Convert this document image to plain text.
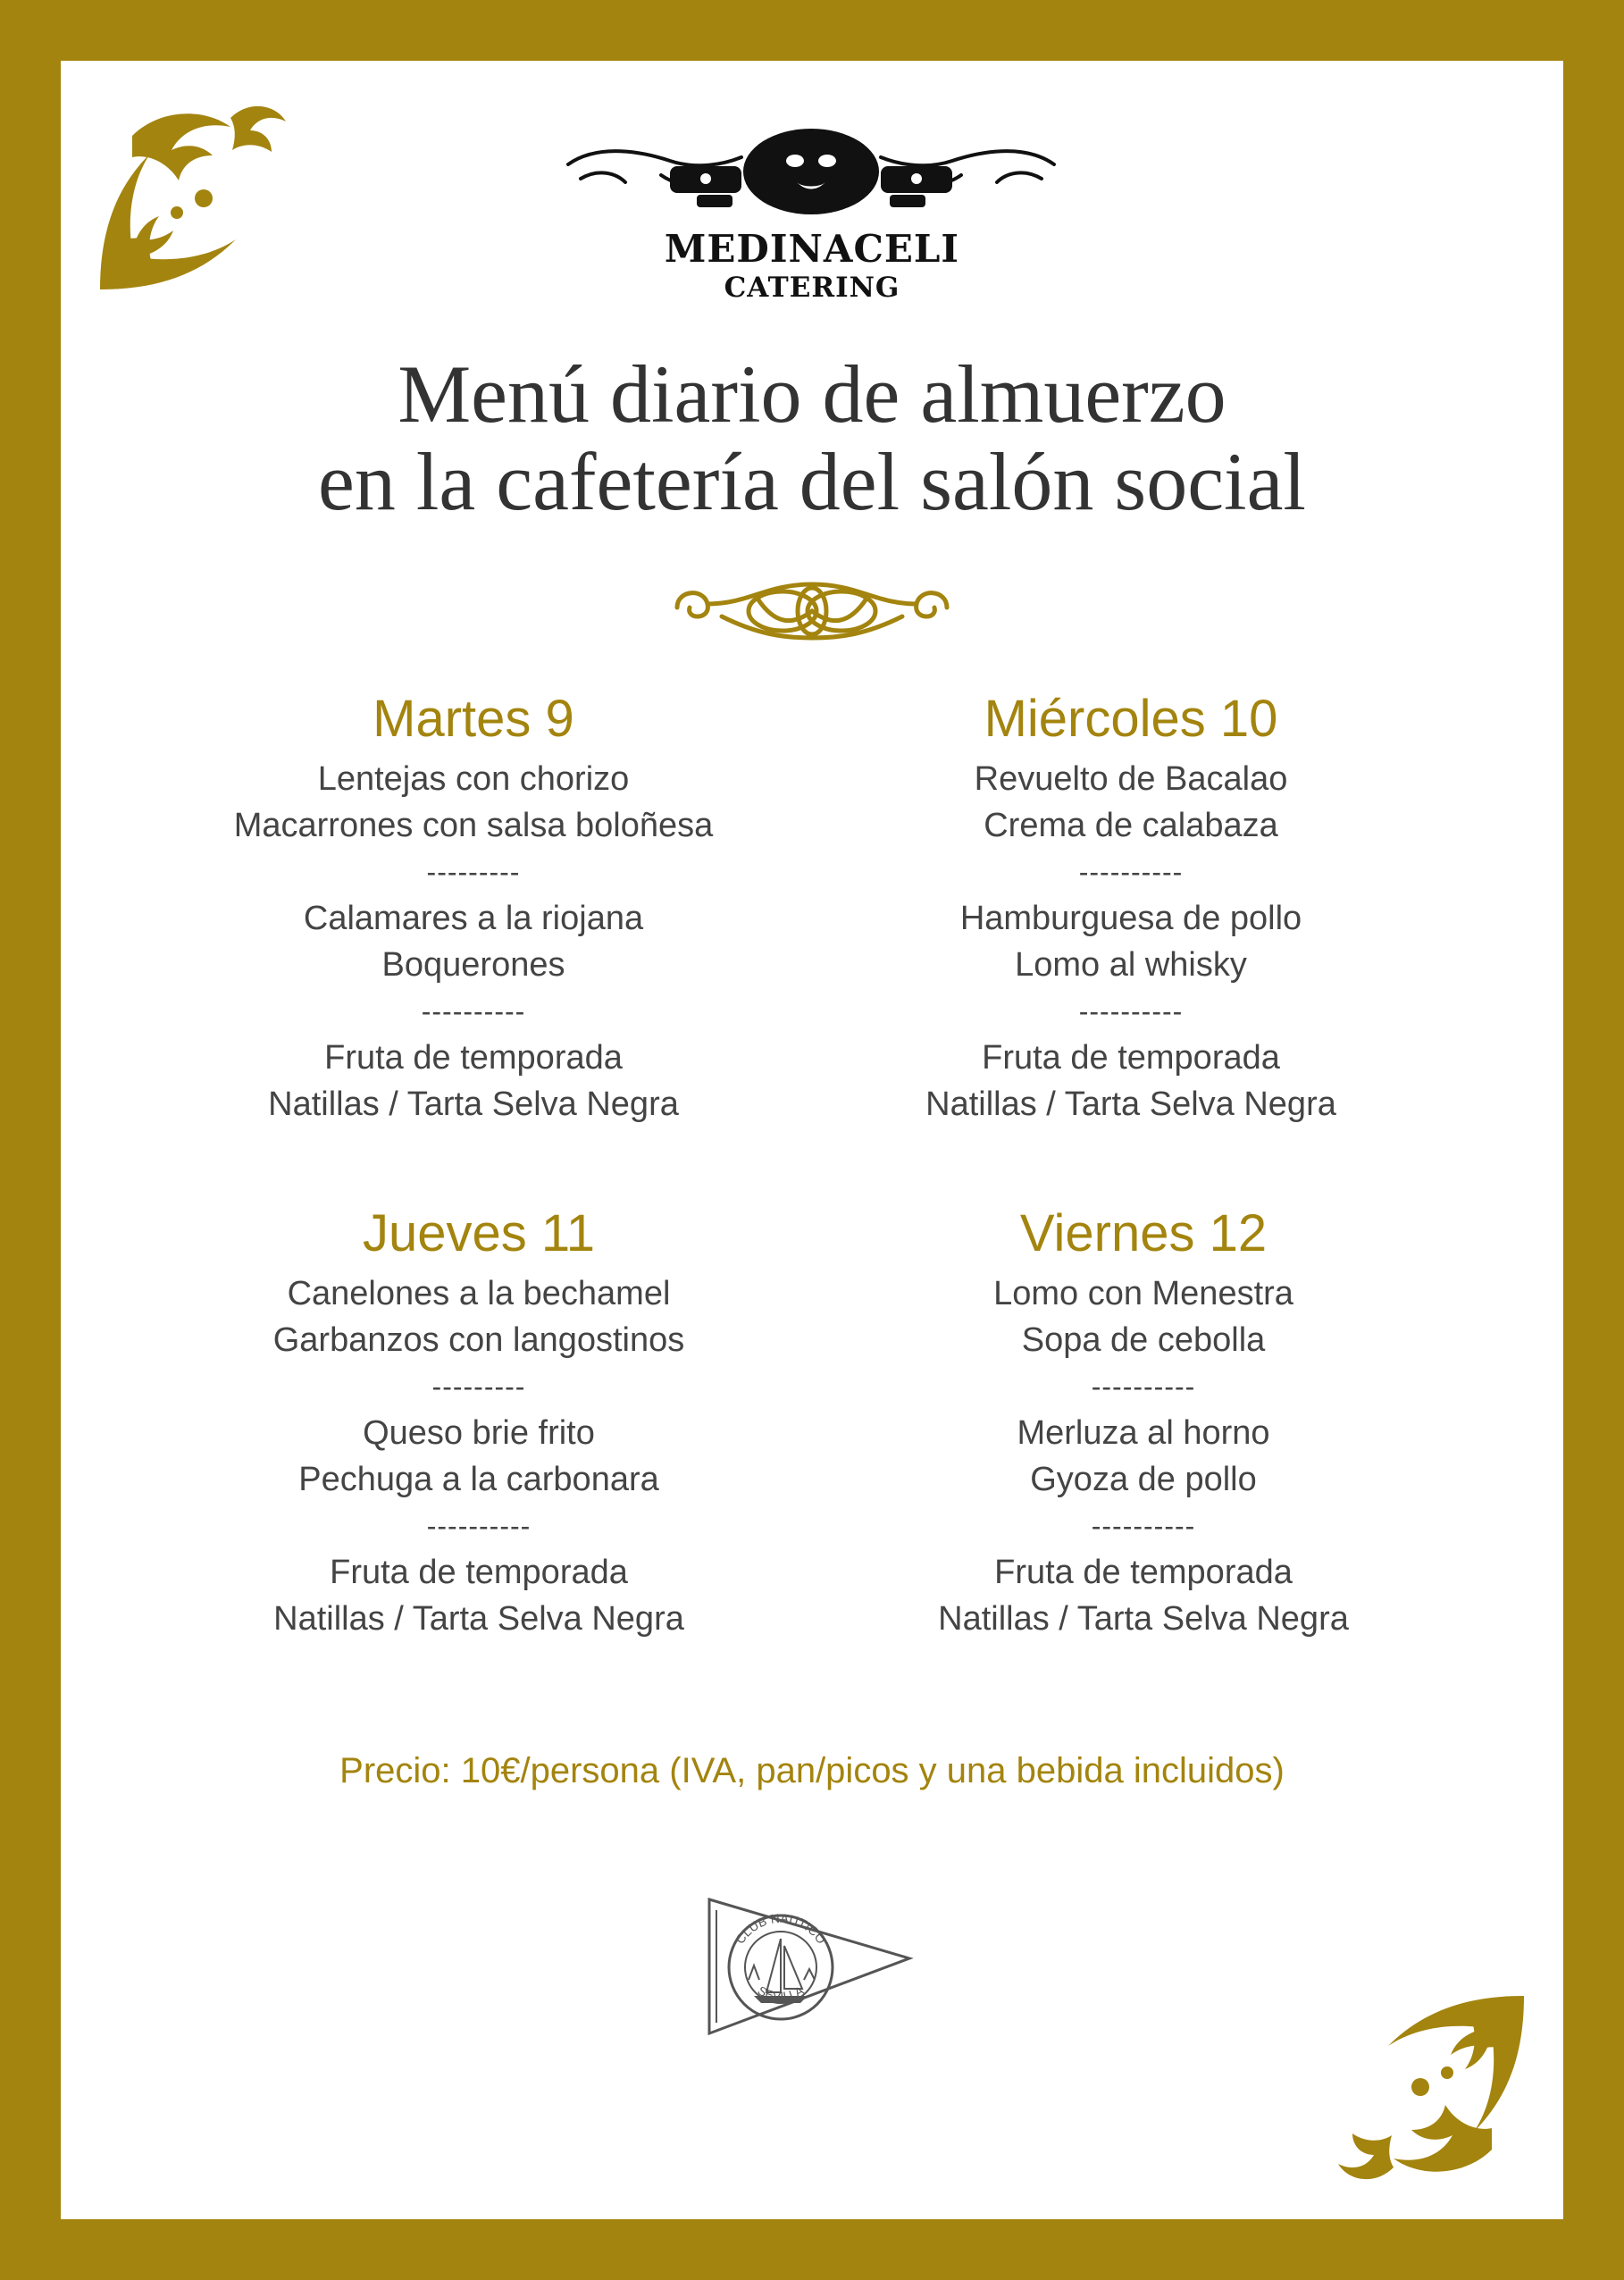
MEDINACELI
CATERING
Menú diario de almuerzo
en la cafetería del salón social
Martes 9
Lentejas con chorizo
Macarrones con salsa boloñesa
---------
Calamares a la riojana
Boquerones
----------
Fruta de temporada
Natillas / Tarta Selva Negra
Miércoles 10
Revuelto de Bacalao
Crema de calabaza
----------
Hamburguesa de pollo
Lomo al whisky
----------
Fruta de temporada
Natillas / Tarta Selva Negra
Jueves 11
Canelones a la bechamel
Garbanzos con langostinos
---------
Queso brie frito
Pechuga a la carbonara
----------
Fruta de temporada
Natillas / Tarta Selva Negra
Viernes 12
Lomo con Menestra
Sopa de cebolla
----------
Merluza al horno
Gyoza de pollo
----------
Fruta de temporada
Natillas / Tarta Selva Negra
Precio: 10€/persona (IVA, pan/picos y una bebida incluidos)
CLUB NAUTICO
SEVILLA
